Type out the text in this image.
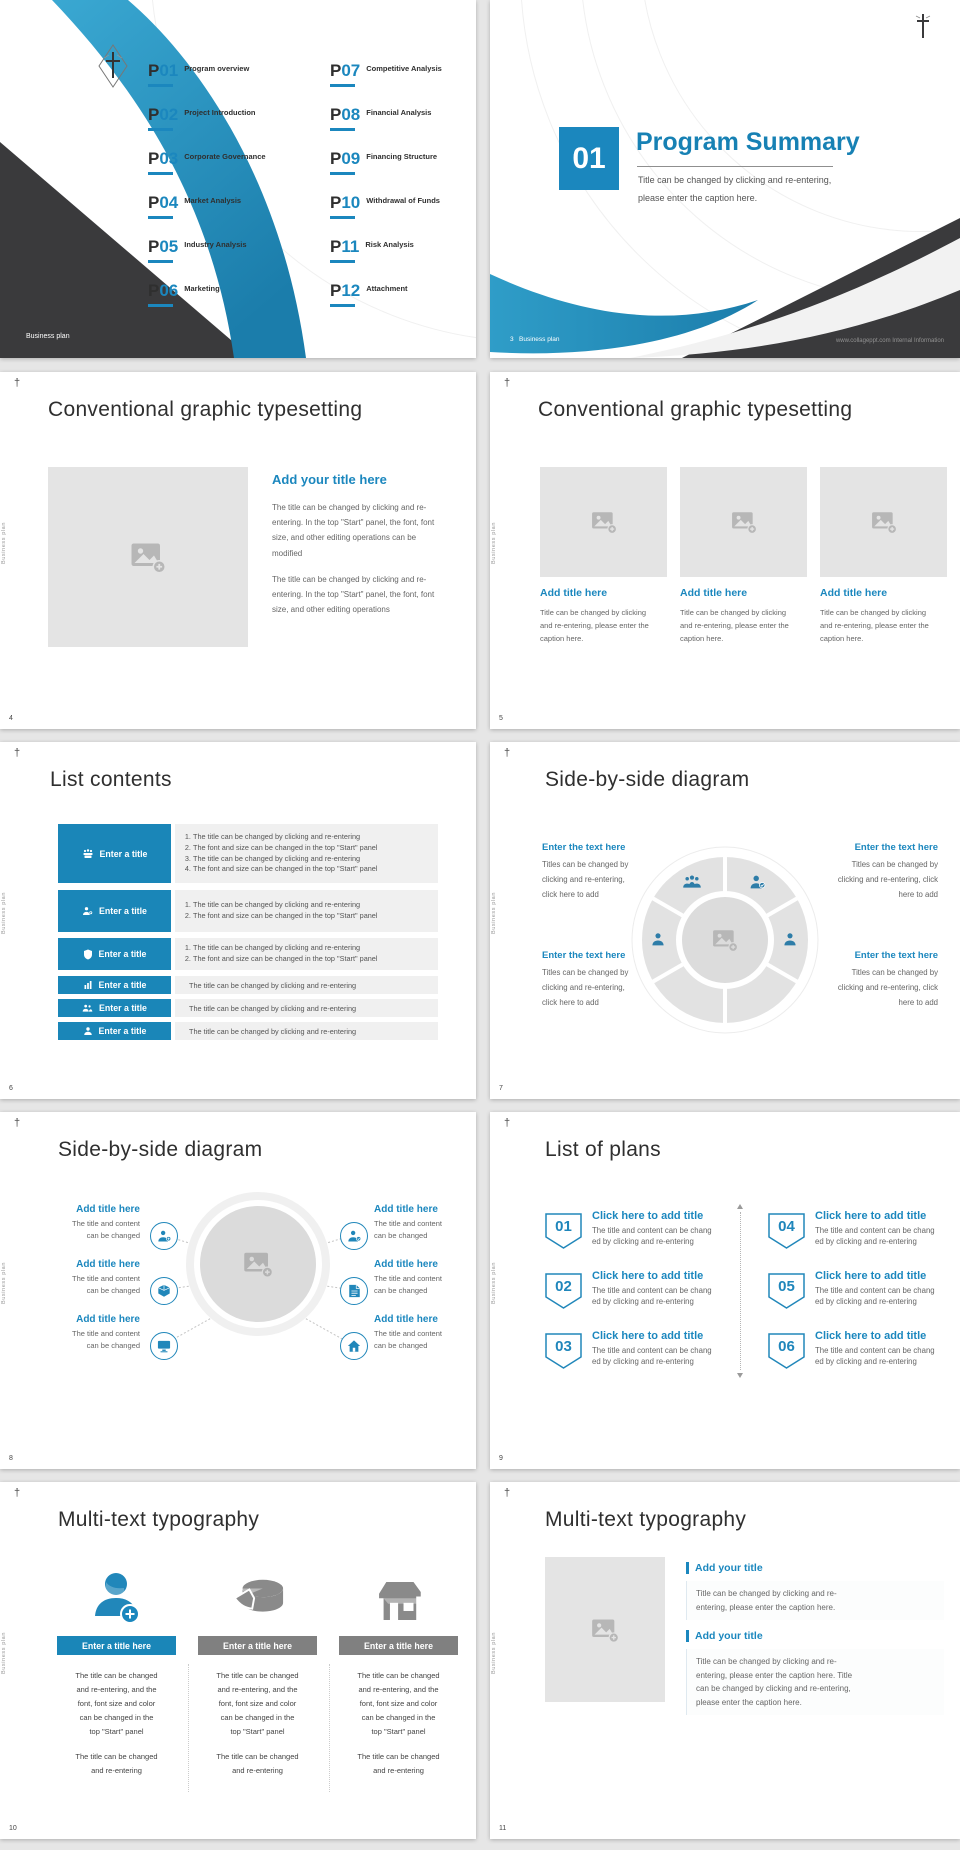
CONTENTS	P 01 Program overview
P 02 Project Introduction
P 03 Corporate Governance
P 04 Market Analysis
P 05 Industry Analysis
P 06 Marketing
P 07 Competitive Analysis
P 08 Financial Analysis
P 09 Financing Structure
P 10 Withdrawal of Funds
P 11 Risk Analysis
P 12 Attachment
Business plan
01	Program Summary
Title can be changed by clicking and re-entering,
please enter the caption here.
3 Business plan	www.collageppt.com Internal Information
†
Business plan
Conventional graphic typesetting
Add your title here
The title can be changed by clicking and re-
entering. In the top "Start" panel, the font, font
size, and other editing operations can be
modified
The title can be changed by clicking and re-
entering. In the top "Start" panel, the font, font
size, and other editing operations
4
†
Business plan
Conventional graphic typesetting
Add title here
Title can be changed by clicking
and re-entering, please enter the
caption here.
Add title here
Title can be changed by clicking
and re-entering, please enter the
caption here.
Add title here
Title can be changed by clicking
and re-entering, please enter the
caption here.
5
†
Business plan
List contents
Enter a title
1. The title can be changed by clicking and re-entering
2. The font and size can be changed in the top "Start" panel
3. The title can be changed by clicking and re-entering
4. The font and size can be changed in the top "Start" panel
Enter a title
1. The title can be changed by clicking and re-entering
2. The font and size can be changed in the top "Start" panel
Enter a title
1. The title can be changed by clicking and re-entering
2. The font and size can be changed in the top "Start" panel
Enter a title	The title can be changed by clicking and re-entering
Enter a title	The title can be changed by clicking and re-entering
Enter a title	The title can be changed by clicking and re-entering
6
†
Business plan
Side-by-side diagram
Enter the text here
Titles can be changed by
clicking and re-entering,
click here to add
Enter the text here
Titles can be changed by
clicking and re-entering, click
here to add
Enter the text here
Titles can be changed by
clicking and re-entering,
click here to add
Enter the text here
Titles can be changed by
clicking and re-entering, click
here to add
7
†
Business plan
Side-by-side diagram
Add title here
The title and content
can be changed
Add title here
The title and content
can be changed
Add title here
The title and content
can be changed
Add title here
The title and content
can be changed
Add title here
The title and content
can be changed
Add title here
The title and content
can be changed
8
†
Business plan
List of plans
01
Click here to add title
The title and content can be chang
ed by clicking and re-entering
02
Click here to add title
The title and content can be chang
ed by clicking and re-entering
03
Click here to add title
The title and content can be chang
ed by clicking and re-entering
04
Click here to add title
The title and content can be chang
ed by clicking and re-entering
05
Click here to add title
The title and content can be chang
ed by clicking and re-entering
06
Click here to add title
The title and content can be chang
ed by clicking and re-entering
9
†
Business plan
Multi-text typography
Enter a title here
The title can be changed
and re-entering, and the
font, font size and color
can be changed in the
top "Start" panel
The title can be changed
and re-entering
Enter a title here
The title can be changed
and re-entering, and the
font, font size and color
can be changed in the
top "Start" panel
The title can be changed
and re-entering
Enter a title here
The title can be changed
and re-entering, and the
font, font size and color
can be changed in the
top "Start" panel
The title can be changed
and re-entering
10
†
Business plan
Multi-text typography
Add your title
Title can be changed by clicking and re-
entering, please enter the caption here.
Add your title
Title can be changed by clicking and re-
entering, please enter the caption here. Title
can be changed by clicking and re-entering,
please enter the caption here.
11
